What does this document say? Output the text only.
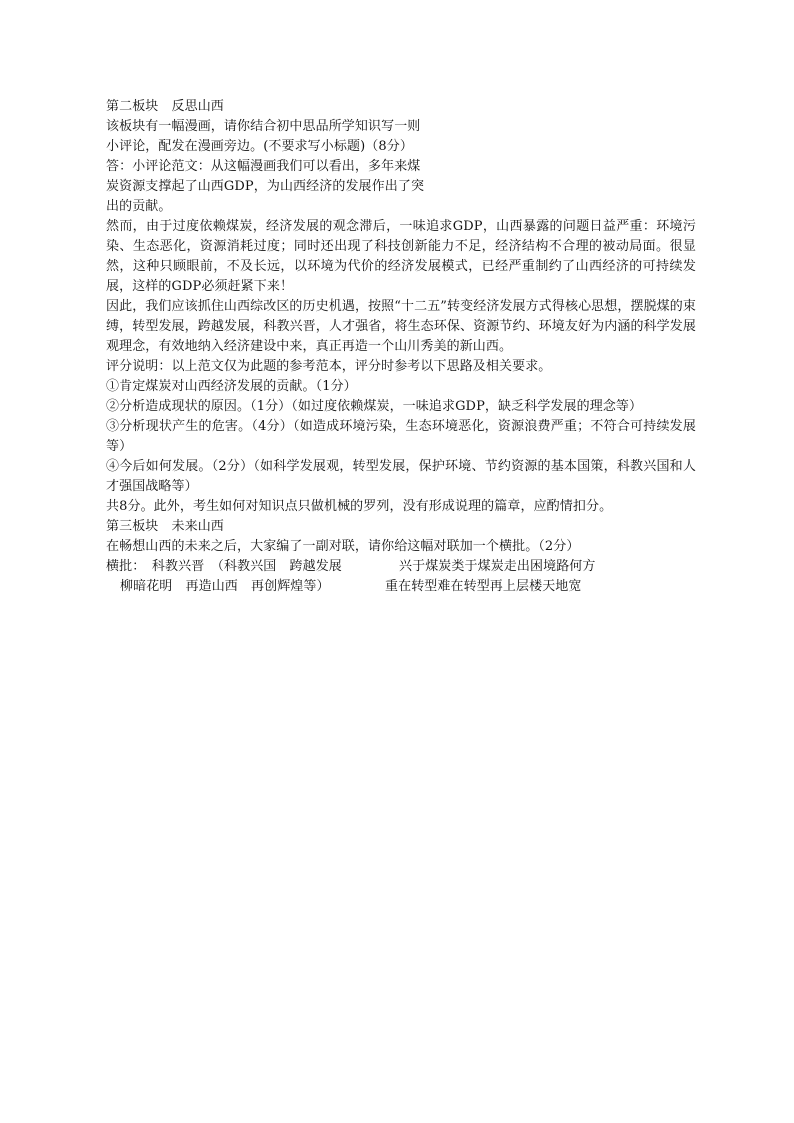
第二板块　反思山西
该板块有一幅漫画，请你结合初中思品所学知识写一则
小评论，配发在漫画旁边。(不要求写小标题)（8分）
答：小评论范文：从这幅漫画我们可以看出，多年来煤
炭资源支撑起了山西GDP，为山西经济的发展作出了突
出的贡献。
然而，由于过度依赖煤炭，经济发展的观念滞后，一味追求GDP，山西暴露的问题日益严重：环境污染、生态恶化，资源消耗过度；同时还出现了科技创新能力不足，经济结构不合理的被动局面。很显然，这种只顾眼前，不及长远，以环境为代价的经济发展模式，已经严重制约了山西经济的可持续发展，这样的GDP必须赶紧下来！
因此，我们应该抓住山西综改区的历史机遇，按照“十二五”转变经济发展方式得核心思想，摆脱煤的束缚，转型发展，跨越发展，科教兴晋，人才强省，将生态环保、资源节约、环境友好为内涵的科学发展观理念，有效地纳入经济建设中来，真正再造一个山川秀美的新山西。
评分说明：以上范文仅为此题的参考范本，评分时参考以下思路及相关要求。
①肯定煤炭对山西经济发展的贡献。（1分）
②分析造成现状的原因。（1分）（如过度依赖煤炭，一味追求GDP，缺乏科学发展的理念等）
③分析现状产生的危害。（4分）（如造成环境污染，生态环境恶化，资源浪费严重；不符合可持续发展等）
④今后如何发展。（2分）（如科学发展观，转型发展，保护环境、节约资源的基本国策，科教兴国和人才强国战略等）
共8分。此外，考生如何对知识点只做机械的罗列，没有形成说理的篇章，应酌情扣分。
第三板块　未来山西
在畅想山西的未来之后，大家编了一副对联，请你给这幅对联加一个横批。（2分）
横批：　科教兴晋　（科教兴国　跨越发展	兴于煤炭类于煤炭走出困境路何方
柳暗花明　再造山西　再创辉煌等）	重在转型难在转型再上层楼天地宽
